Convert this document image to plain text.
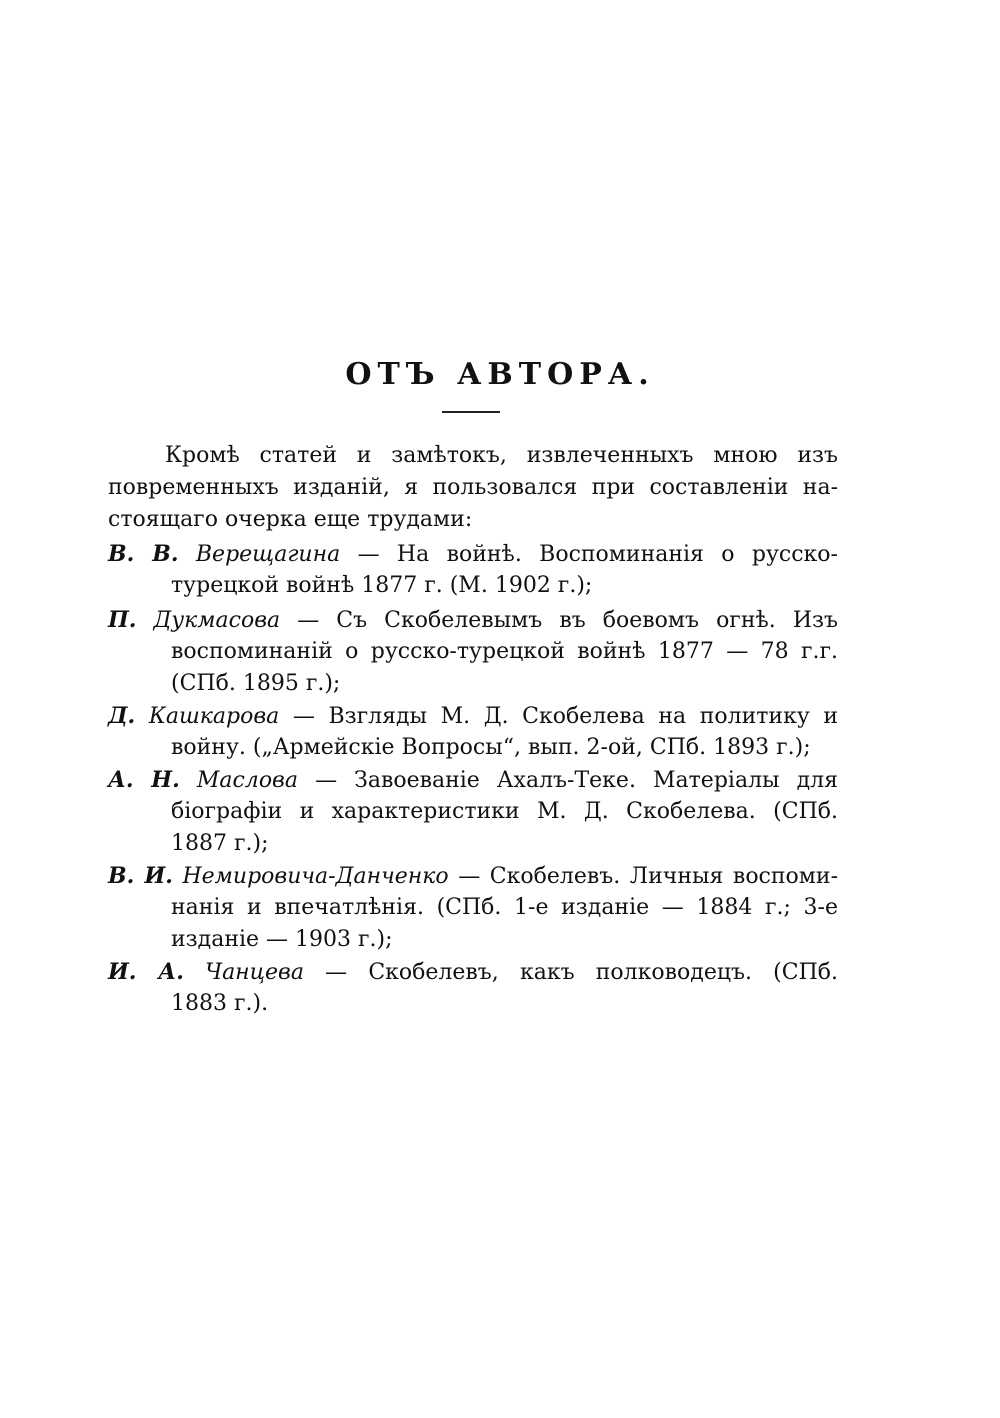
ОТЪ АВТОРА.
Кромѣ статей и замѣтокъ, извлеченныхъ мною изъ
повременныхъ изданій, я пользовался при составленіи на-
стоящаго очерка еще трудами:
В. В. Верещагина — На войнѣ. Воспоминанія о русско-
турецкой войнѣ 1877 г. (М. 1902 г.);
П. Дукмасова — Съ Скобелевымъ въ боевомъ огнѣ. Изъ
воспоминаній о русско-турецкой войнѣ 1877 — 78 г.г.
(СПб. 1895 г.);
Д. Кашкарова — Взгляды М. Д. Скобелева на политику и
войну. („Армейскіе Вопросы“, вып. 2-ой, СПб. 1893 г.);
А. Н. Маслова — Завоеваніе Ахалъ-Теке. Матеріалы для
біографіи и характеристики М. Д. Скобелева. (СПб.
1887 г.);
В. И. Немировича-Данченко — Скобелевъ. Личныя воспоми-
нанія и впечатлѣнія. (СПб. 1-е изданіе — 1884 г.; 3-е
изданіе — 1903 г.);
И. А. Чанцева — Скобелевъ, какъ полководецъ. (СПб.
1883 г.).
